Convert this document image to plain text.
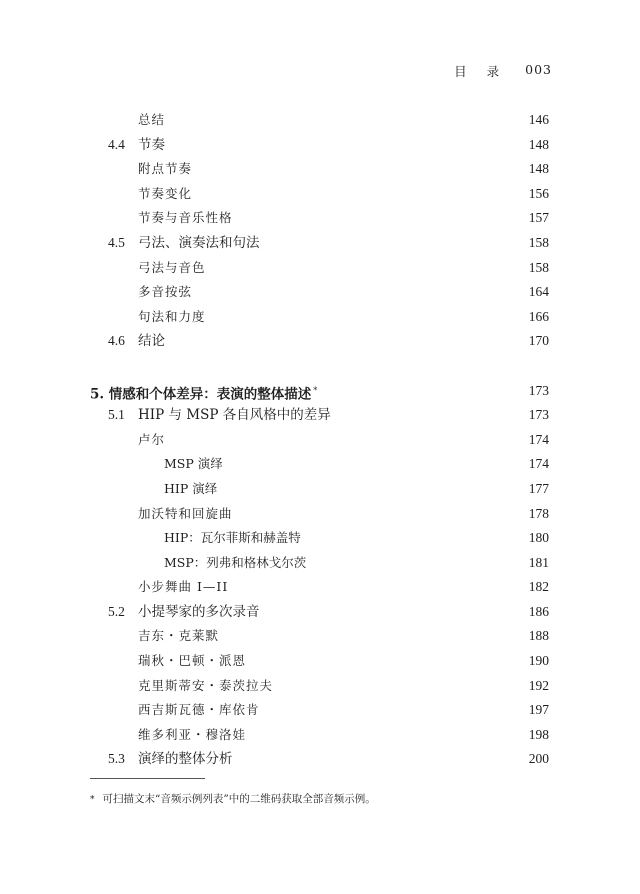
目 录 003
总结	146
4.4 节奏	148
附点节奏	148
节奏变化	156
节奏与音乐性格	157
4.5 弓法、演奏法和句法	158
弓法与音色	158
多音按弦	164
句法和力度	166
4.6 结论	170
5. 情感和个体差异：表演的整体描述 *	173
5.1 HIP 与 MSP 各自风格中的差异	173
卢尔	174
MSP 演绎	174
HIP 演绎	177
加沃特和回旋曲	178
HIP：瓦尔菲斯和赫盖特	180
MSP：列弗和格林戈尔茨	181
小步舞曲 I—II	182
5.2 小提琴家的多次录音	186
吉东・克莱默	188
瑞秋・巴顿・派恩	190
克里斯蒂安・泰茨拉夫	192
西吉斯瓦德・库依肯	197
维多利亚・穆洛娃	198
5.3 演绎的整体分析	200
* 可扫描文末“音频示例列表”中的二维码获取全部音频示例。
